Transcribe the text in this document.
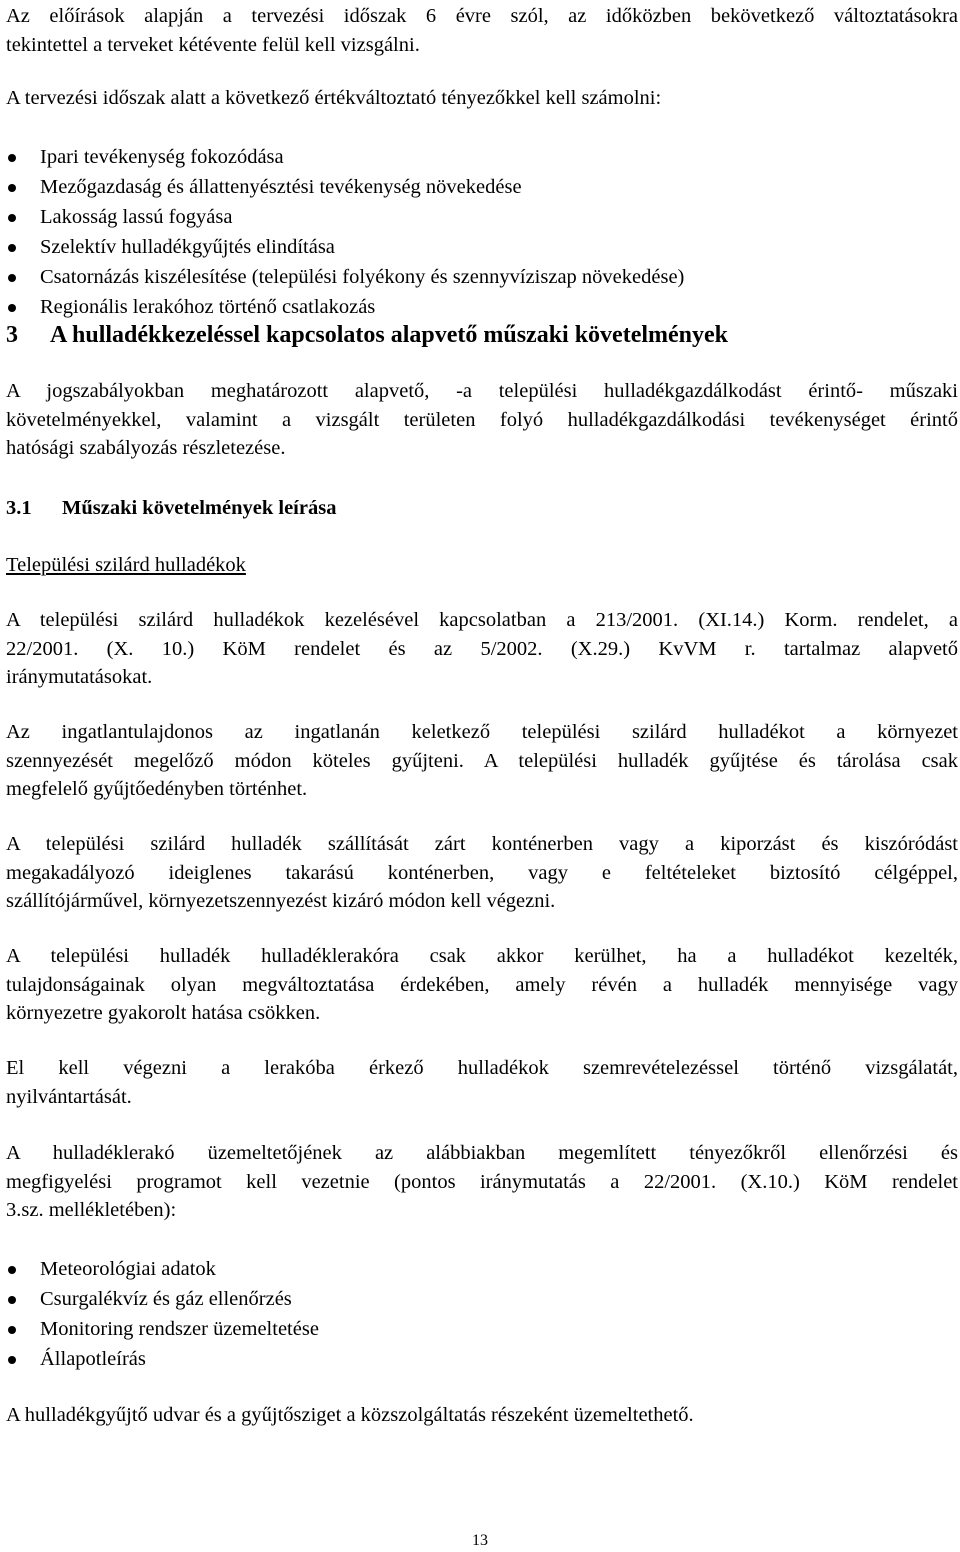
Az előírások alapján a tervezési időszak 6 évre szól, az időközben bekövetkező változtatásokra
tekintettel a terveket kétévente felül kell vizsgálni.
A tervezési időszak alatt a következő értékváltoztató tényezőkkel kell számolni:
Ipari tevékenység fokozódása
Mezőgazdaság és állattenyésztési tevékenység növekedése
Lakosság lassú fogyása
Szelektív hulladékgyűjtés elindítása
Csatornázás kiszélesítése (települési folyékony és szennyvíziszap növekedése)
Regionális lerakóhoz történő csatlakozás
3 A hulladékkezeléssel kapcsolatos alapvető műszaki követelmények
A jogszabályokban meghatározott alapvető, -a települési hulladékgazdálkodást érintő- műszaki
követelményekkel, valamint a vizsgált területen folyó hulladékgazdálkodási tevékenységet érintő
hatósági szabályozás részletezése.
3.1 Műszaki követelmények leírása
Települési szilárd hulladékok
A települési szilárd hulladékok kezelésével kapcsolatban a 213/2001. (XI.14.) Korm. rendelet, a
22/2001. (X. 10.) KöM rendelet és az 5/2002. (X.29.) KvVM r. tartalmaz alapvető
iránymutatásokat.
Az ingatlantulajdonos az ingatlanán keletkező települési szilárd hulladékot a környezet
szennyezését megelőző módon köteles gyűjteni. A települési hulladék gyűjtése és tárolása csak
megfelelő gyűjtőedényben történhet.
A települési szilárd hulladék szállítását zárt konténerben vagy a kiporzást és kiszóródást
megakadályozó ideiglenes takarású konténerben, vagy e feltételeket biztosító célgéppel,
szállítójárművel, környezetszennyezést kizáró módon kell végezni.
A települési hulladék hulladéklerakóra csak akkor kerülhet, ha a hulladékot kezelték,
tulajdonságainak olyan megváltoztatása érdekében, amely révén a hulladék mennyisége vagy
környezetre gyakorolt hatása csökken.
El kell végezni a lerakóba érkező hulladékok szemrevételezéssel történő vizsgálatát,
nyilvántartását.
A hulladéklerakó üzemeltetőjének az alábbiakban megemlített tényezőkről ellenőrzési és
megfigyelési programot kell vezetnie (pontos iránymutatás a 22/2001. (X.10.) KöM rendelet
3.sz. mellékletében):
Meteorológiai adatok
Csurgalékvíz és gáz ellenőrzés
Monitoring rendszer üzemeltetése
Állapotleírás
A hulladékgyűjtő udvar és a gyűjtősziget a közszolgáltatás részeként üzemeltethető.
13
